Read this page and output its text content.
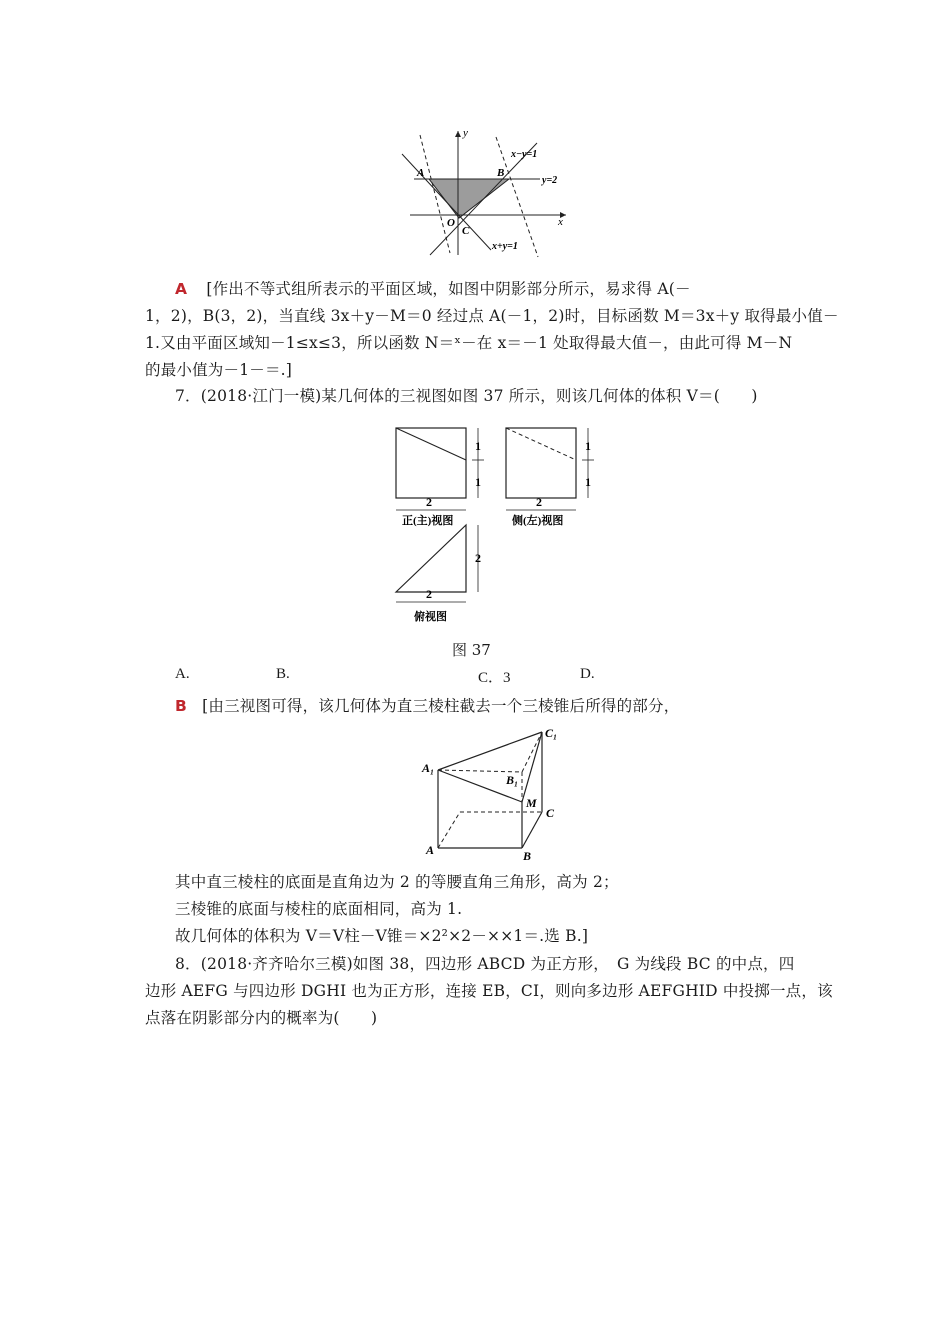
y
x
A	B
O
C
x−y=1
y=2
x+y=1
A [作出不等式组所表示的平面区域，如图中阴影部分所示，易求得 A(－
1，2)，B(3，2)，当直线 3x＋y－M＝0 经过点 A(－1，2)时，目标函数 M＝3x＋y 取得最小值－
1.又由平面区域知－1≤x≤3，所以函数 N＝ˣ－在 x＝－1 处取得最大值－，由此可得 M－N
的最小值为－1－＝.]
7．(2018·江门一模)某几何体的三视图如图 37 所示，则该几何体的体积 V＝(　　)
1
1
2
正(主)视图
1
1
2
侧(左)视图
2
2
俯视图
图 37
A.	B.	C．3	D.
B [由三视图可得，该几何体为直三棱柱截去一个三棱锥后所得的部分，
A₁
B₁
C₁
M
C
A	B
其中直三棱柱的底面是直角边为 2 的等腰直角三角形，高为 2；
三棱锥的底面与棱柱的底面相同，高为 1.
故几何体的体积为 V＝V柱－V锥＝×2²×2－××1＝.选 B.]
8．(2018·齐齐哈尔三模)如图 38，四边形 ABCD 为正方形，　G 为线段 BC 的中点，四
边形 AEFG 与四边形 DGHI 也为正方形，连接 EB，CI，则向多边形 AEFGHID 中投掷一点，该
点落在阴影部分内的概率为(　　)
